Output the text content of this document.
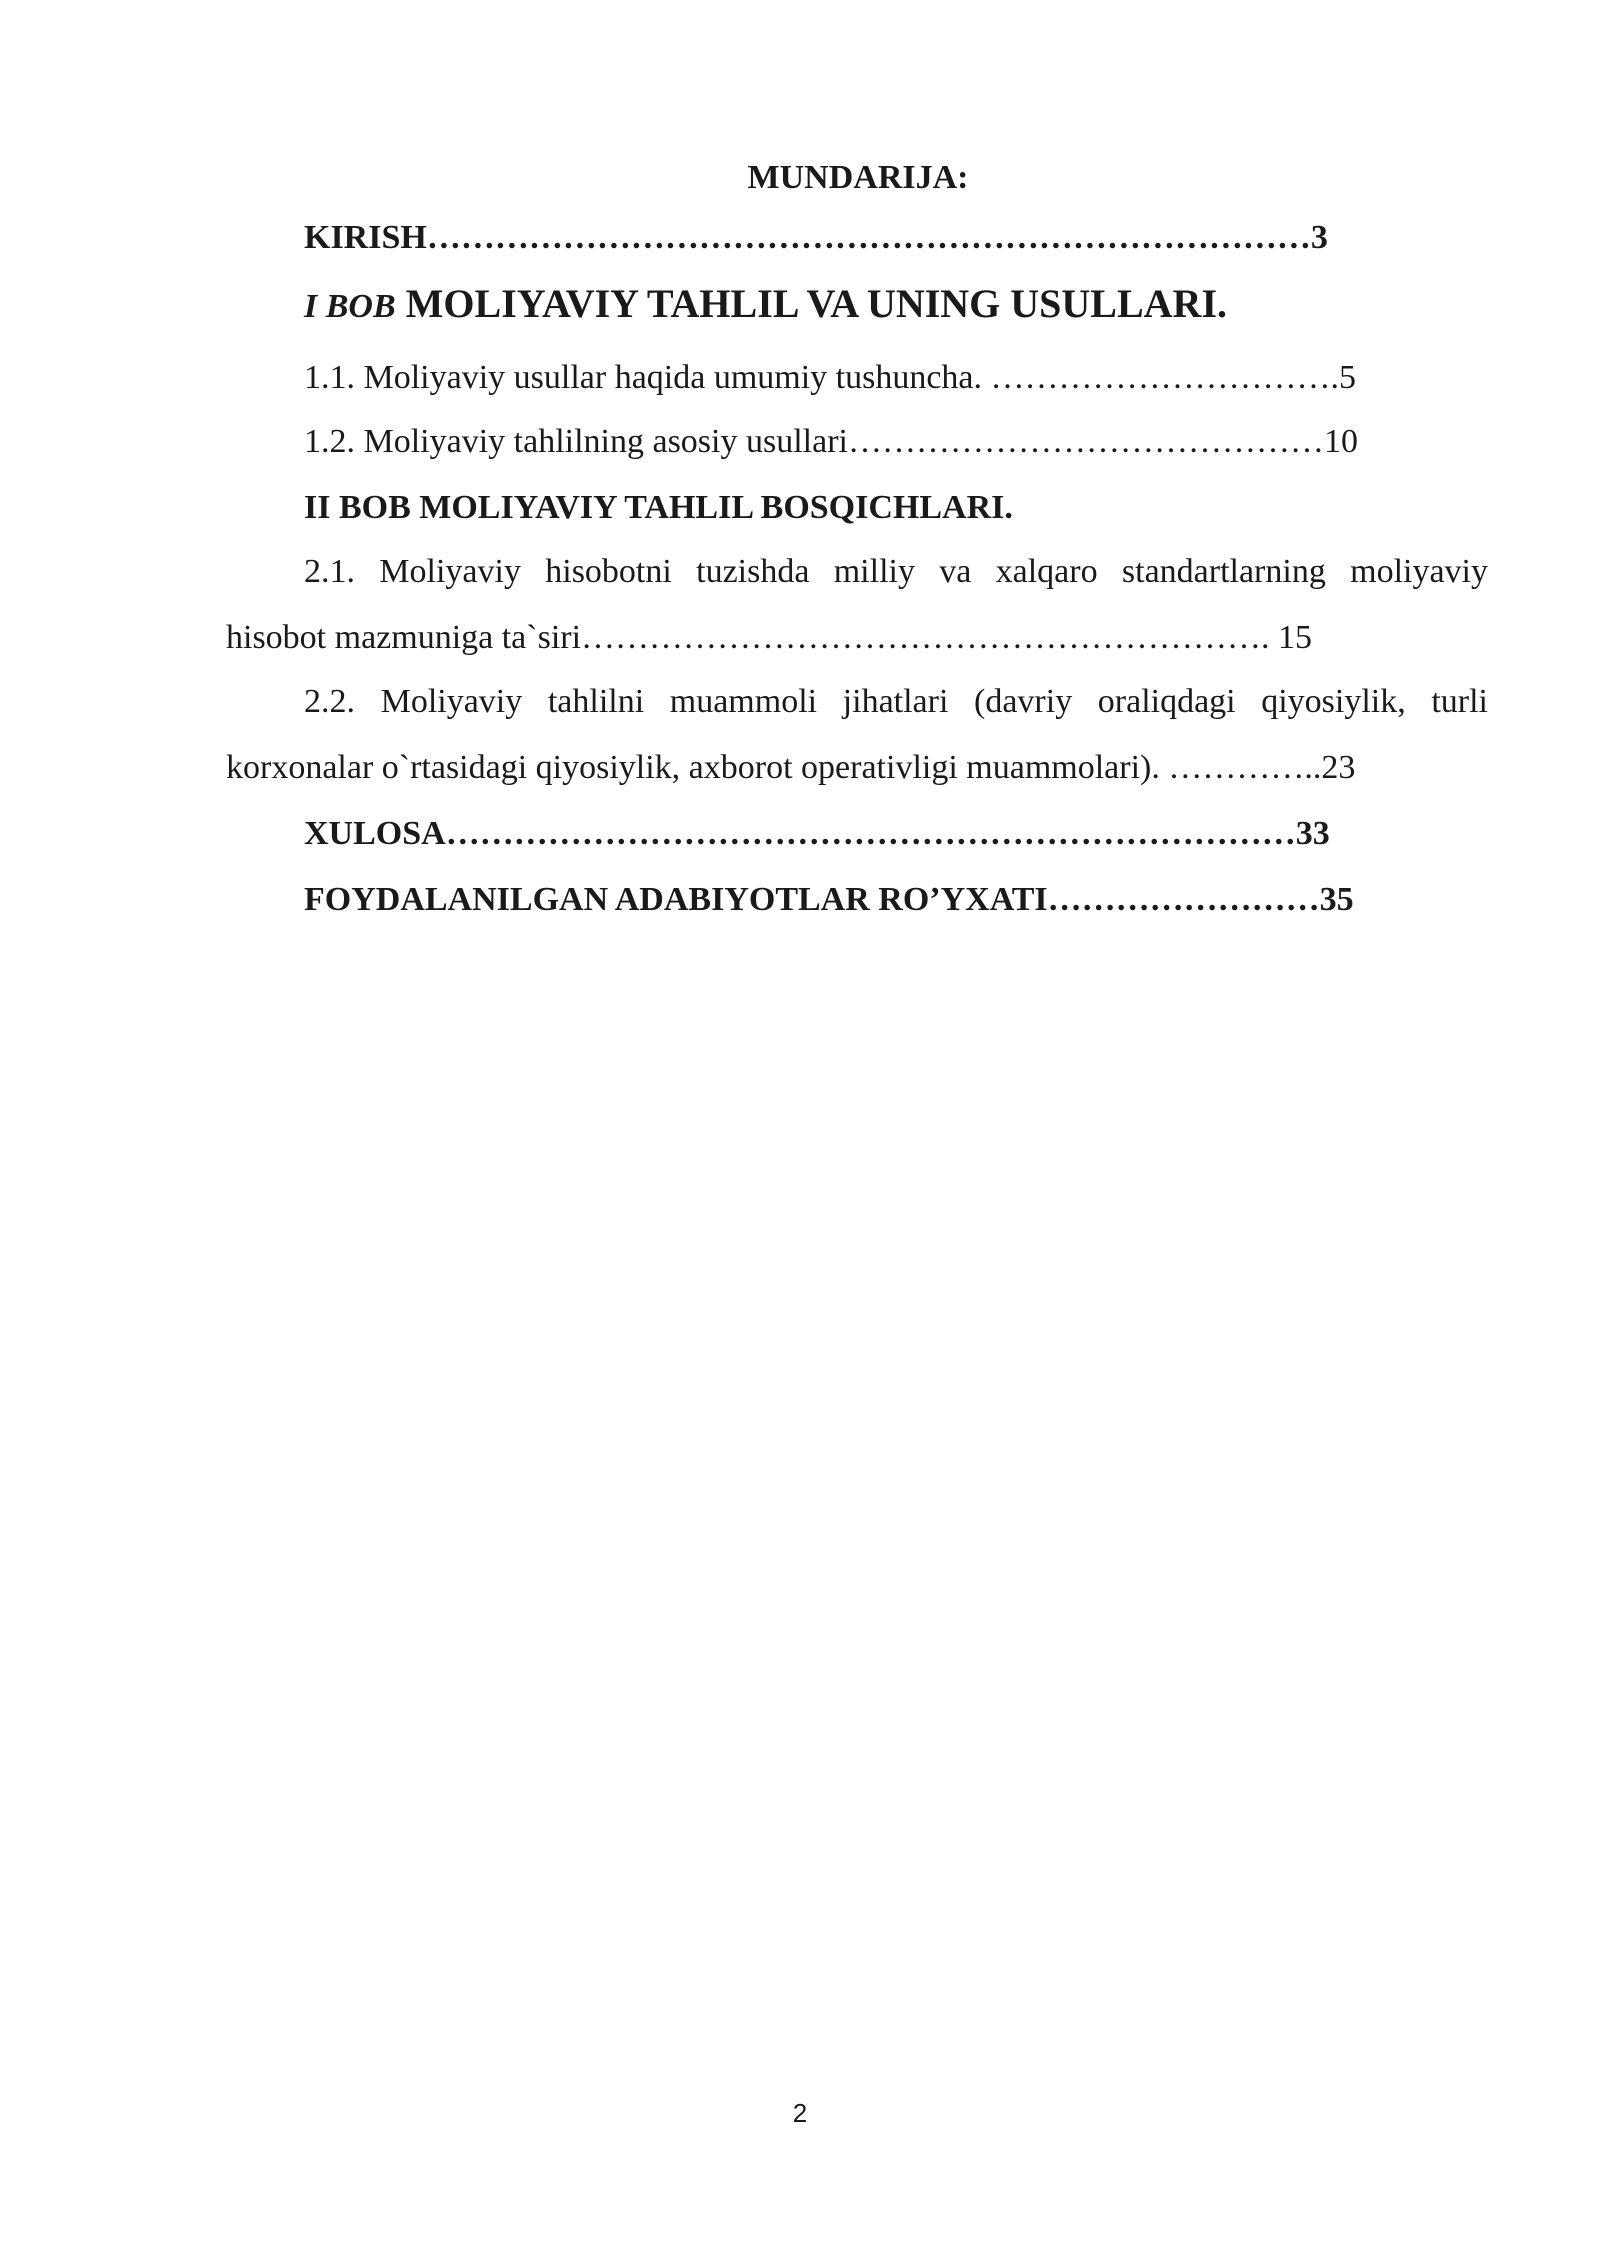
MUNDARIJA:
KIRISH……………………………………………………………………3
I BOB MOLIYAVIY TAHLIL VA UNING USULLARI.
1.1. Moliyaviy usullar haqida umumiy tushuncha. ………………………….5
1.2. Moliyaviy tahlilning asosiy usullari……………………………………10
II BOB MOLIYAVIY TAHLIL BOSQICHLARI.
2.1. Moliyaviy hisobotni tuzishda milliy va xalqaro standartlarning moliyaviy
hisobot mazmuniga ta`siri……………………………………………………. 15
2.2. Moliyaviy tahlilni muammoli jihatlari (davriy oraliqdagi qiyosiylik, turli
korxonalar o`rtasidagi qiyosiylik, axborot operativligi muammolari). …………..23
XULOSA…………………………………………………………………33
FOYDALANILGAN ADABIYOTLAR RO’YXATI……………………35
2
